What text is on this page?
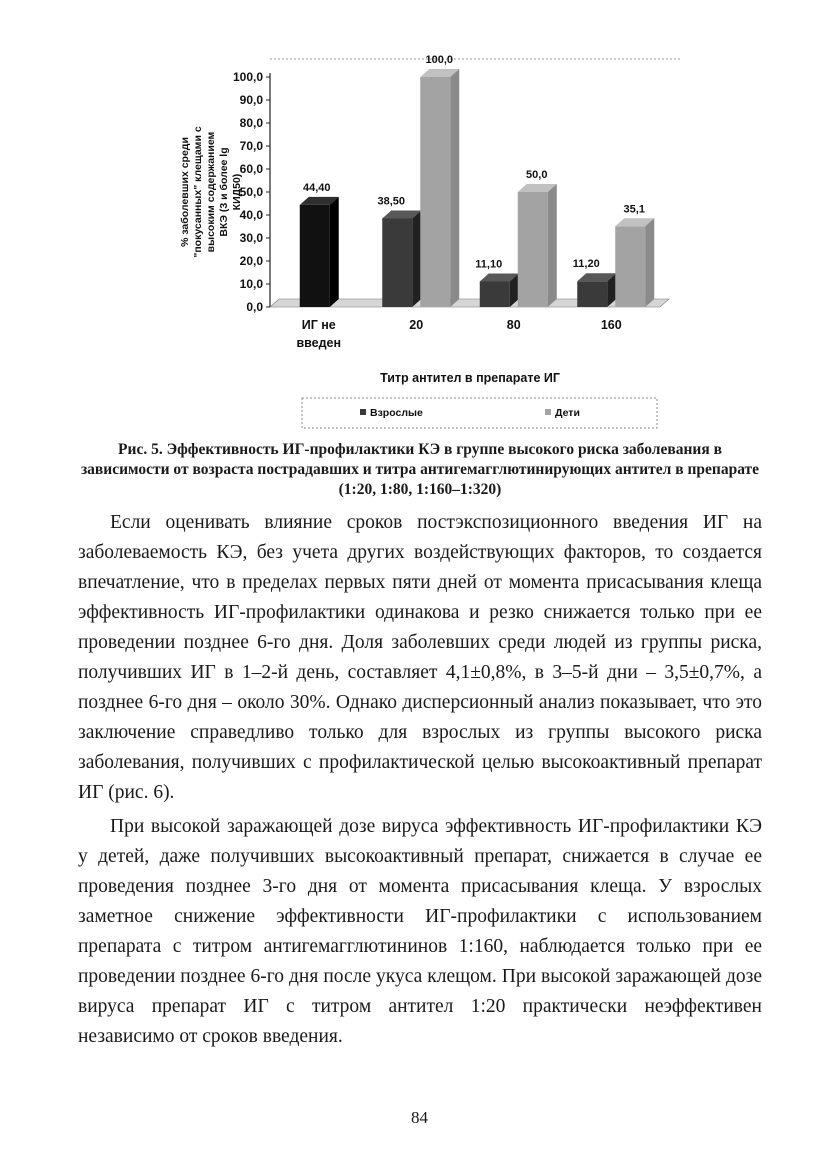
0,0
10,0
20,0
30,0
40,0
50,0
60,0
70,0
80,0
90,0
100,0
% заболевших среди"покусанных" клещами свысоким содержаниемВКЭ (3 и более lgКИД50)	44,40
ИГ не
введен
38,50
100,0
20
11,10
50,0
80
11,20
35,1
160
Титр антител в препарате ИГ
Взрослые	Дети
Рис. 5. Эффективность ИГ-профилактики КЭ в группе высокого риска заболевания в зависимости от возраста пострадавших и титра антигемагглютинирующих антител в препарате (1:20, 1:80, 1:160–1:320)

Если оценивать влияние сроков постэкспозиционного введения ИГ на заболеваемость КЭ, без учета других воздействующих факторов, то создается впечатление, что в пределах первых пяти дней от момента присасывания клеща эффективность ИГ-профилактики одинакова и резко снижается только при ее проведении позднее 6-го дня. Доля заболевших среди людей из группы риска, получивших ИГ в 1–2-й день, составляет 4,1±0,8%, в 3–5-й дни – 3,5±0,7%, а позднее 6-го дня – около 30%. Однако дисперсионный анализ показывает, что это заключение справедливо только для взрослых из группы высокого риска заболевания, получивших с профилактической целью высокоактивный препарат ИГ (рис. 6).

При высокой заражающей дозе вируса эффективность ИГ-профилактики КЭ у детей, даже получивших высокоактивный препарат, снижается в случае ее проведения позднее 3-го дня от момента присасывания клеща. У взрослых заметное снижение эффективности ИГ-профилактики с использованием препарата с титром антигемагглютининов 1:160, наблюдается только при ее проведении позднее 6-го дня после укуса клещом. При высокой заражающей дозе вируса препарат ИГ с титром антител 1:20 практически неэффективен независимо от сроков введения.

84
